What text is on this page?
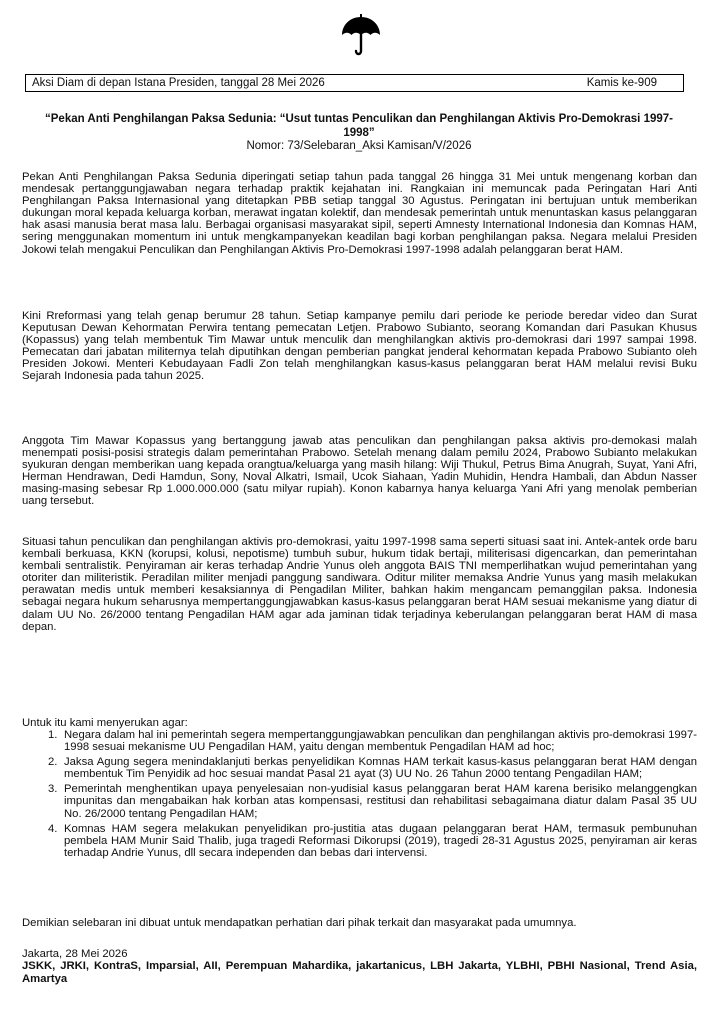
Aksi Diam di depan Istana Presiden, tanggal 28 Mei 2026	Kamis ke-909
“Pekan Anti Penghilangan Paksa Sedunia: “Usut tuntas Penculikan dan Penghilangan Aktivis Pro-Demokrasi 1997-1998”
Nomor: 73/Selebaran_Aksi Kamisan/V/2026

Pekan Anti Penghilangan Paksa Sedunia diperingati setiap tahun pada tanggal 26 hingga 31 Mei untuk mengenang korban dan mendesak pertanggungjawaban negara terhadap praktik kejahatan ini. Rangkaian ini memuncak pada Peringatan Hari Anti Penghilangan Paksa Internasional yang ditetapkan PBB setiap tanggal 30 Agustus. Peringatan ini bertujuan untuk memberikan dukungan moral kepada keluarga korban, merawat ingatan kolektif, dan mendesak pemerintah untuk menuntaskan kasus pelanggaran hak asasi manusia berat masa lalu. Berbagai organisasi masyarakat sipil, seperti Amnesty International Indonesia dan Komnas HAM, sering menggunakan momentum ini untuk mengkampanyekan keadilan bagi korban penghilangan paksa. Negara melalui Presiden Jokowi telah mengakui Penculikan dan Penghilangan Aktivis Pro-Demokrasi 1997-1998 adalah pelanggaran berat HAM.

Kini Rreformasi yang telah genap berumur 28 tahun. Setiap kampanye pemilu dari periode ke periode beredar video dan Surat Keputusan Dewan Kehormatan Perwira tentang pemecatan Letjen. Prabowo Subianto, seorang Komandan dari Pasukan Khusus (Kopassus) yang telah membentuk Tim Mawar untuk menculik dan menghilangkan aktivis pro-demokrasi dari 1997 sampai 1998. Pemecatan dari jabatan militernya telah diputihkan dengan pemberian pangkat jenderal kehormatan kepada Prabowo Subianto oleh Presiden Jokowi. Menteri Kebudayaan Fadli Zon telah menghilangkan kasus-kasus pelanggaran berat HAM melalui revisi Buku Sejarah Indonesia pada tahun 2025.

Anggota Tim Mawar Kopassus yang bertanggung jawab atas penculikan dan penghilangan paksa aktivis pro-demokasi malah menempati posisi-posisi strategis dalam pemerintahan Prabowo. Setelah menang dalam pemilu 2024, Prabowo Subianto melakukan syukuran dengan memberikan uang kepada orangtua/keluarga yang masih hilang: Wiji Thukul, Petrus Bima Anugrah, Suyat, Yani Afri, Herman Hendrawan, Dedi Hamdun, Sony, Noval Alkatri, Ismail, Ucok Siahaan, Yadin Muhidin, Hendra Hambali, dan Abdun Nasser masing-masing sebesar Rp 1.000.000.000 (satu milyar rupiah). Konon kabarnya hanya keluarga Yani Afri yang menolak pemberian uang tersebut.

Situasi tahun penculikan dan penghilangan aktivis pro-demokrasi, yaitu 1997-1998 sama seperti situasi saat ini. Antek-antek orde baru kembali berkuasa, KKN (korupsi, kolusi, nepotisme) tumbuh subur, hukum tidak bertaji, militerisasi digencarkan, dan pemerintahan kembali sentralistik. Penyiraman air keras terhadap Andrie Yunus oleh anggota BAIS TNI memperlihatkan wujud pemerintahan yang otoriter dan militeristik. Peradilan militer menjadi panggung sandiwara. Oditur militer memaksa Andrie Yunus yang masih melakukan perawatan medis untuk memberi kesaksiannya di Pengadilan Militer, bahkan hakim mengancam pemanggilan paksa. Indonesia sebagai negara hukum seharusnya mempertanggungjawabkan kasus-kasus pelanggaran berat HAM sesuai mekanisme yang diatur di dalam UU No. 26/2000 tentang Pengadilan HAM agar ada jaminan tidak terjadinya keberulangan pelanggaran berat HAM di masa depan.

Untuk itu kami menyerukan agar:

1. Negara dalam hal ini pemerintah segera mempertanggungjawabkan penculikan dan penghilangan aktivis pro-demokrasi 1997-1998 sesuai mekanisme UU Pengadilan HAM, yaitu dengan membentuk Pengadilan HAM ad hoc;
2. Jaksa Agung segera menindaklanjuti berkas penyelidikan Komnas HAM terkait kasus-kasus pelanggaran berat HAM dengan membentuk Tim Penyidik ad hoc sesuai mandat Pasal 21 ayat (3) UU No. 26 Tahun 2000 tentang Pengadilan HAM;
3. Pemerintah menghentikan upaya penyelesaian non-yudisial kasus pelanggaran berat HAM karena berisiko melanggengkan impunitas dan mengabaikan hak korban atas kompensasi, restitusi dan rehabilitasi sebagaimana diatur dalam Pasal 35 UU No. 26/2000 tentang Pengadilan HAM;
4. Komnas HAM segera melakukan penyelidikan pro-justitia atas dugaan pelanggaran berat HAM, termasuk pembunuhan pembela HAM Munir Said Thalib, juga tragedi Reformasi Dikorupsi (2019), tragedi 28-31 Agustus 2025, penyiraman air keras terhadap Andrie Yunus, dll secara independen dan bebas dari intervensi.

Demikian selebaran ini dibuat untuk mendapatkan perhatian dari pihak terkait dan masyarakat pada umumnya.

Jakarta, 28 Mei 2026
JSKK, JRKI, KontraS, Imparsial, AII, Perempuan Mahardika, jakartanicus, LBH Jakarta, YLBHI, PBHI Nasional, Trend Asia, Amartya
